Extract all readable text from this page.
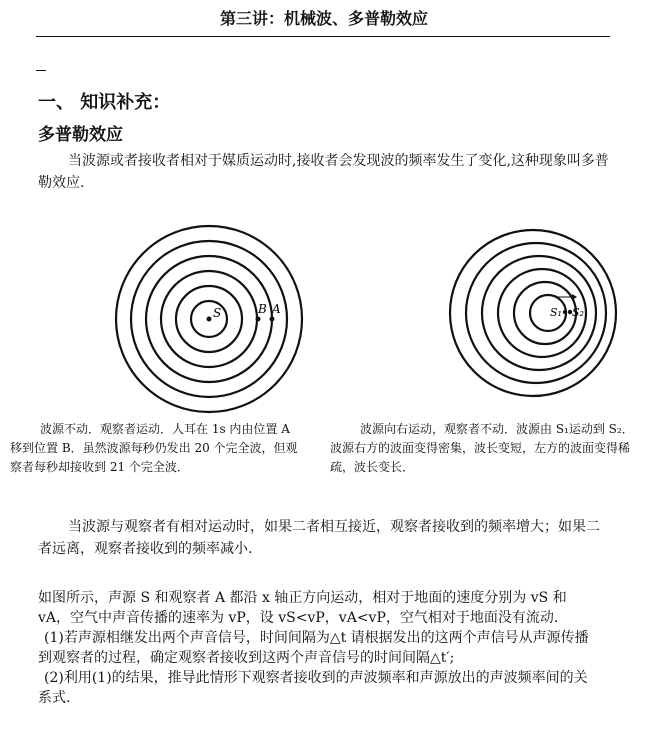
第三讲：机械波、多普勒效应
一、 知识补充：
多普勒效应
当波源或者接收者相对于媒质运动时,接收者会发现波的频率发生了变化,这种现象叫多普勒效应.
S	B A	S₁ S₂
波源不动．观察者运动．人耳在 1s 内由位置 A 移到位置 B．虽然波源每秒仍发出 20 个完全波，但观察者每秒却接收到 21 个完全波．
波源向右运动，观察者不动．波源由 S₁运动到 S₂．波源右方的波面变得密集，波长变短，左方的波面变得稀疏，波长变长．
当波源与观察者有相对运动时，如果二者相互接近，观察者接收到的频率增大；如果二者远离，观察者接收到的频率减小.
如图所示，声源 S 和观察者 A 都沿 x 轴正方向运动，相对于地面的速度分别为 vS 和 vA，空气中声音传播的速率为 vP，设 vS<vP，vA<vP，空气相对于地面没有流动.
(1)若声源相继发出两个声音信号，时间间隔为△t 请根据发出的这两个声信号从声源传播到观察者的过程，确定观察者接收到这两个声音信号的时间间隔△t′;
(2)利用(1)的结果，推导此情形下观察者接收到的声波频率和声源放出的声波频率间的关系式.
